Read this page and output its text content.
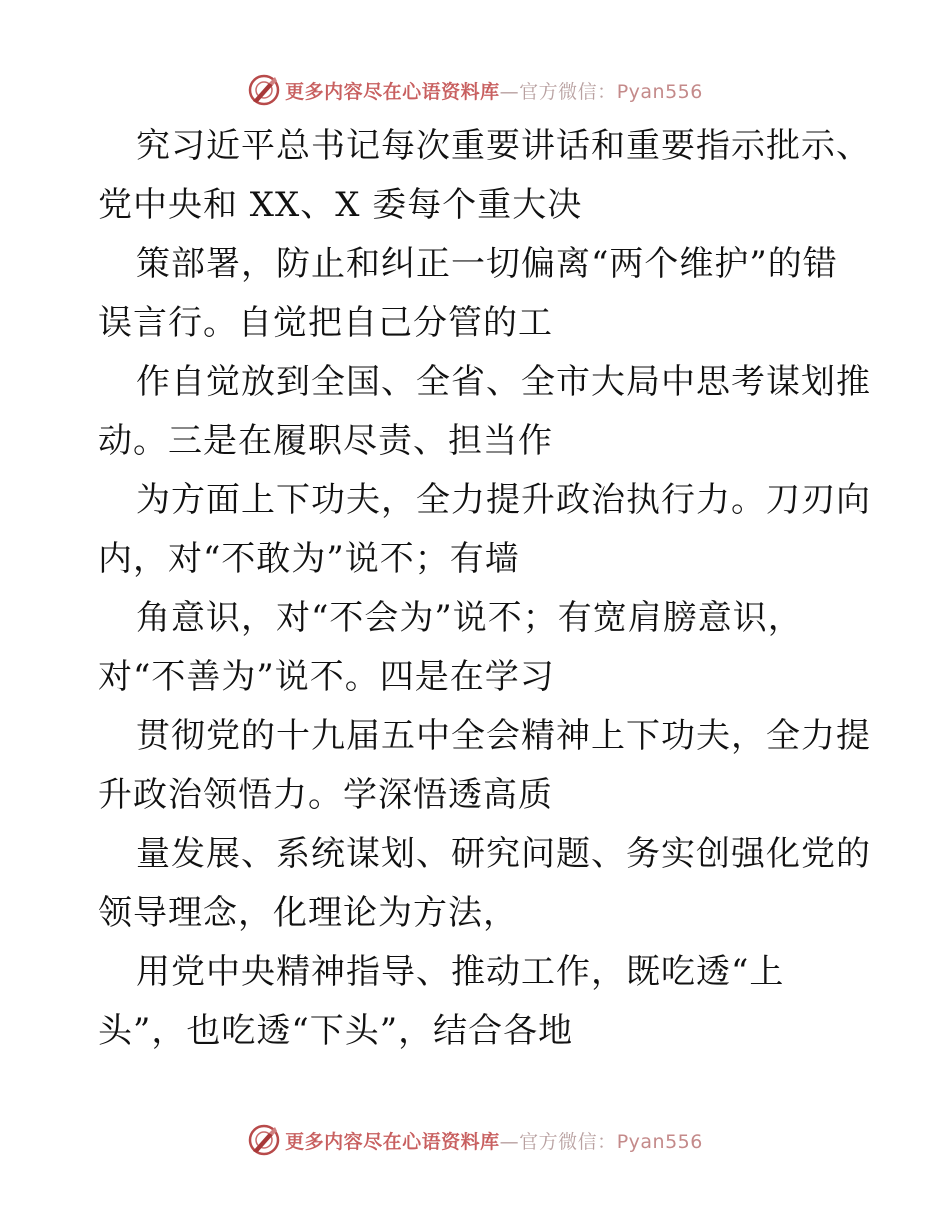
更多内容尽在心语资料库—官方微信：Pyan556
究习近平总书记每次重要讲话和重要指示批示、
党中央和 XX、X 委每个重大决
策部署，防止和纠正一切偏离“两个维护”的错
误言行。自觉把自己分管的工
作自觉放到全国、全省、全市大局中思考谋划推
动。三是在履职尽责、担当作
为方面上下功夫，全力提升政治执行力。刀刃向
内，对“不敢为”说不；有墙
角意识，对“不会为”说不；有宽肩膀意识，
对“不善为”说不。四是在学习
贯彻党的十九届五中全会精神上下功夫，全力提
升政治领悟力。学深悟透高质
量发展、系统谋划、研究问题、务实创强化党的
领导理念，化理论为方法，
用党中央精神指导、推动工作，既吃透“上
头”，也吃透“下头”，结合各地
更多内容尽在心语资料库—官方微信：Pyan556
